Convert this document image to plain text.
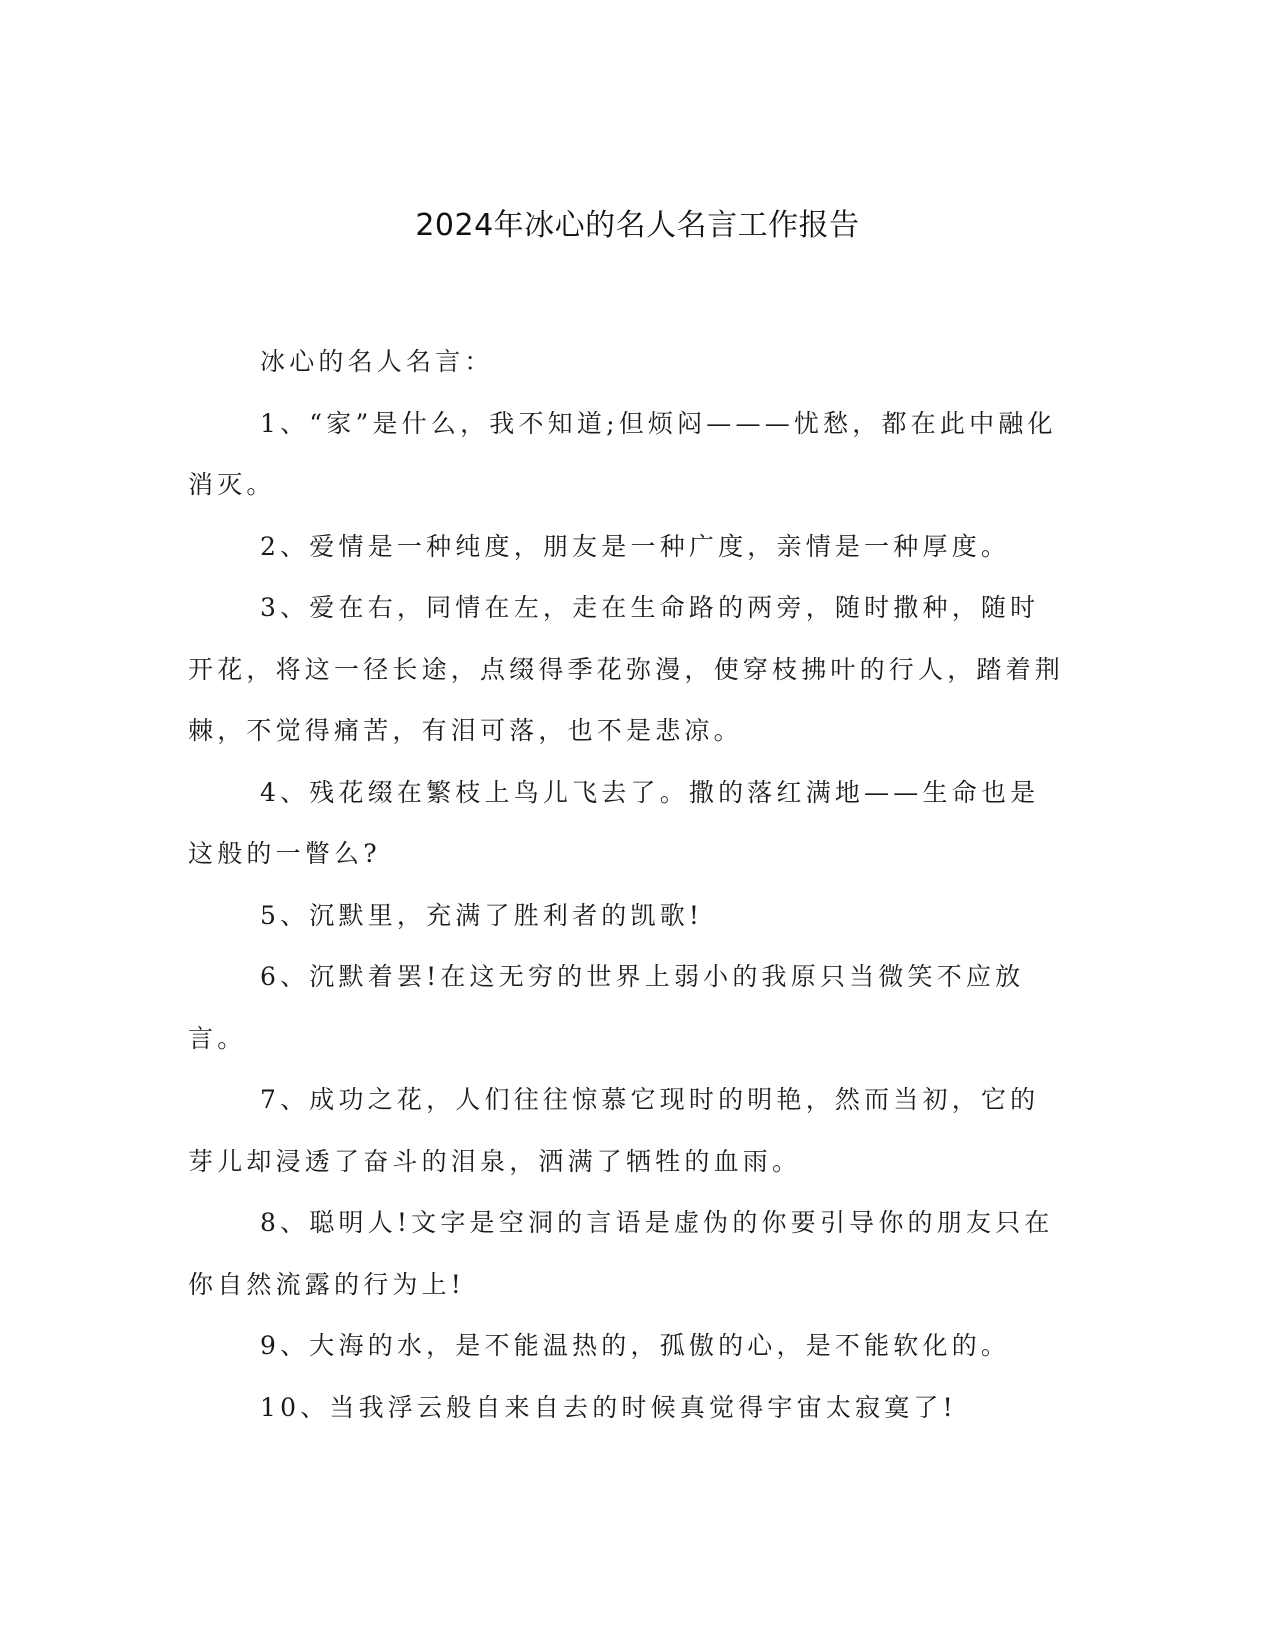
2024年冰心的名人名言工作报告

冰心的名人名言：

1、“家”是什么，我不知道;但烦闷———忧愁，都在此中融化消灭。

2、爱情是一种纯度，朋友是一种广度，亲情是一种厚度。

3、爱在右，同情在左，走在生命路的两旁，随时撒种，随时开花，将这一径长途，点缀得季花弥漫，使穿枝拂叶的行人，踏着荆棘，不觉得痛苦，有泪可落，也不是悲凉。

4、残花缀在繁枝上鸟儿飞去了。撒的落红满地——生命也是这般的一瞥么?

5、沉默里，充满了胜利者的凯歌!

6、沉默着罢!在这无穷的世界上弱小的我原只当微笑不应放言。

7、成功之花，人们往往惊慕它现时的明艳，然而当初，它的芽儿却浸透了奋斗的泪泉，洒满了牺牲的血雨。

8、聪明人!文字是空洞的言语是虚伪的你要引导你的朋友只在你自然流露的行为上!

9、大海的水，是不能温热的，孤傲的心，是不能软化的。

10、当我浮云般自来自去的时候真觉得宇宙太寂寞了!
